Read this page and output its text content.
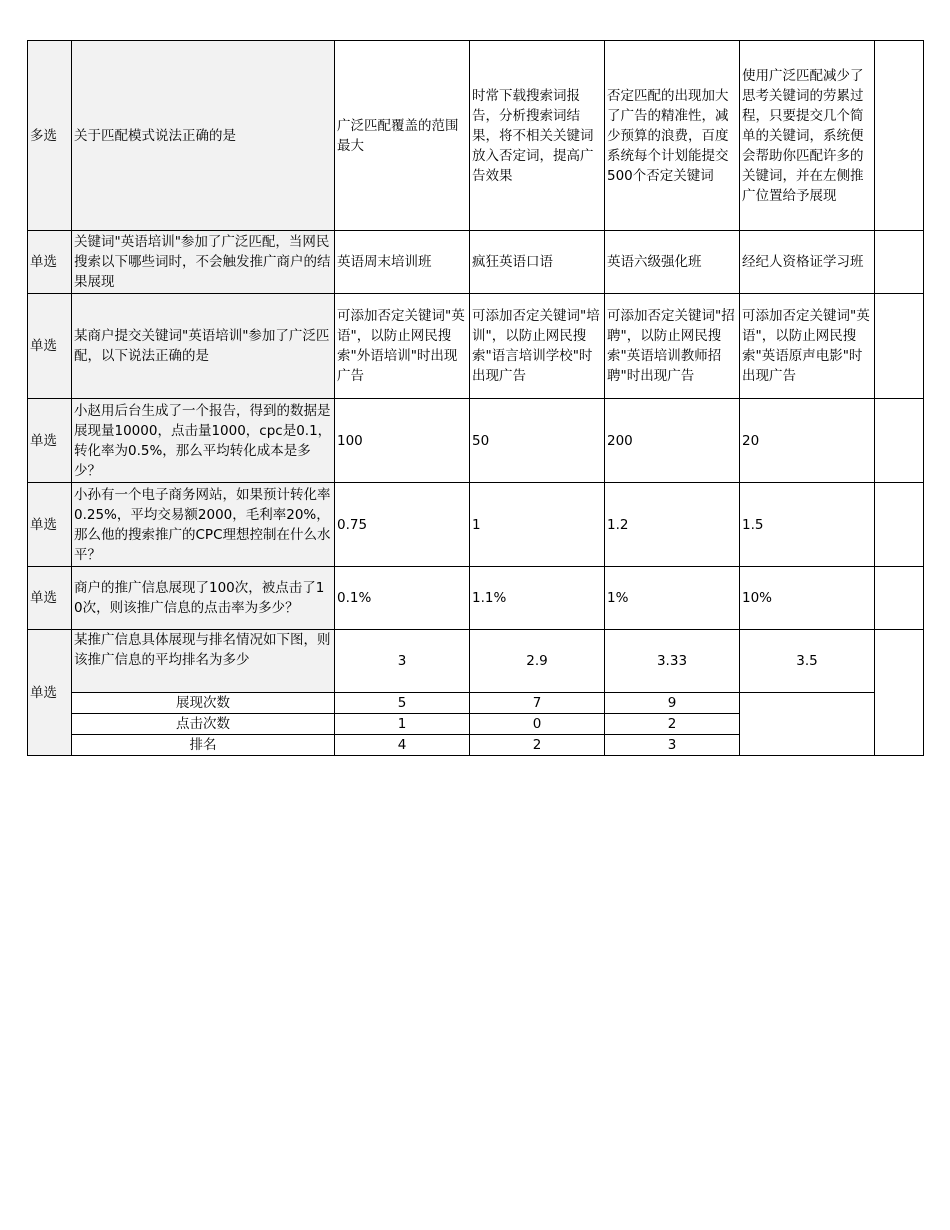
多选	关于匹配模式说法正确的是	广泛匹配覆盖的范围最大	时常下载搜索词报告，分析搜索词结果，将不相关关键词放入否定词，提高广告效果	否定匹配的出现加大了广告的精准性，减少预算的浪费，百度系统每个计划能提交500个否定关键词	使用广泛匹配减少了思考关键词的劳累过程，只要提交几个简单的关键词，系统便会帮助你匹配许多的关键词，并在左侧推广位置给予展现	
单选	关键词"英语培训"参加了广泛匹配，当网民搜索以下哪些词时，不会触发推广商户的结果展现	英语周末培训班	疯狂英语口语	英语六级强化班	经纪人资格证学习班	
单选	某商户提交关键词"英语培训"参加了广泛匹配，以下说法正确的是	可添加否定关键词"英语"，以防止网民搜索"外语培训"时出现广告	可添加否定关键词"培训"，以防止网民搜索"语言培训学校"时出现广告	可添加否定关键词"招聘"，以防止网民搜索"英语培训教师招聘"时出现广告	可添加否定关键词"英语"，以防止网民搜索"英语原声电影"时出现广告	
单选	小赵用后台生成了一个报告，得到的数据是展现量10000，点击量1000，cpc是0.1，转化率为0.5%，那么平均转化成本是多少？	100	50	200	20	
单选	小孙有一个电子商务网站，如果预计转化率0.25%，平均交易额2000，毛利率20%，那么他的搜索推广的CPC理想控制在什么水平？	0.75	1	1.2	1.5	
单选	商户的推广信息展现了100次，被点击了10次，则该推广信息的点击率为多少？	0.1%	1.1%	1%	10%	
单选	某推广信息具体展现与排名情况如下图，则该推广信息的平均排名为多少	3	2.9	3.33	3.5	
	展现次数	5	7	9		
	点击次数	1	0	2		
	排名	4	2	3		
